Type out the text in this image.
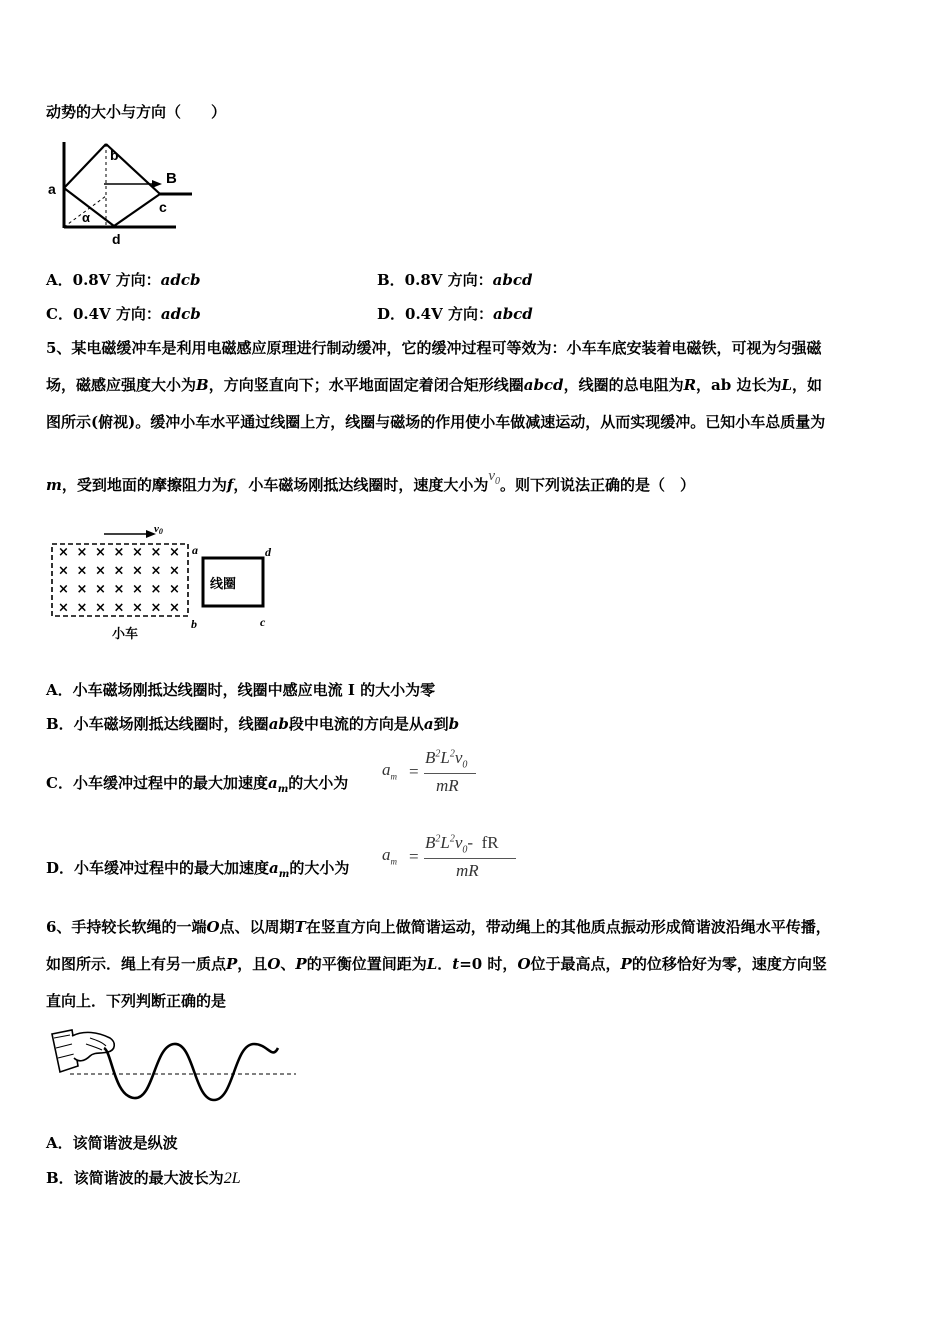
动势的大小与方向（　　）
a
b
c
d
B
α
A．0.8V 方向：adcb	B．0.8V 方向：abcd
C．0.4V 方向：adcb	D．0.4V 方向：abcd
5、某电磁缓冲车是利用电磁感应原理进行制动缓冲，它的缓冲过程可等效为：小车车底安装着电磁铁，可视为匀强磁
场，磁感应强度大小为B，方向竖直向下；水平地面固定着闭合矩形线圈abcd，线圈的总电阻为R，ab 边长为L，如
图所示(俯视)。缓冲小车水平通过线圈上方，线圈与磁场的作用使小车做减速运动，从而实现缓冲。已知小车总质量为
m，受到地面的摩擦阻力为f，小车磁场刚抵达线圈时，速度大小为$v_0$。则下列说法正确的是（　）
× × × × × × ×
× × × × × × ×
× × × × × × ×
× × × × × × ×
v0
线圈
a	d
b	c
小车
A．小车磁场刚抵达线圈时，线圈中感应电流 I 的大小为零
B．小车磁场刚抵达线圈时，线圈ab段中电流的方向是从a到b
C．小车缓冲过程中的最大加速度$a_m$的大小为
$a_m$ =
$B^2L^2v_0$
mR
D．小车缓冲过程中的最大加速度$a_m$的大小为
$a_m$ =
$B^2L^2v_0-$  fR
mR
6、手持较长软绳的一端O点、以周期T在竖直方向上做简谐运动，带动绳上的其他质点振动形成简谐波沿绳水平传播，
如图所示．绳上有另一质点P，且O、P的平衡位置间距为L．t=0 时，O位于最高点，P的位移恰好为零，速度方向竖
直向上．下列判断正确的是
A．该简谐波是纵波
B．该简谐波的最大波长为2L
